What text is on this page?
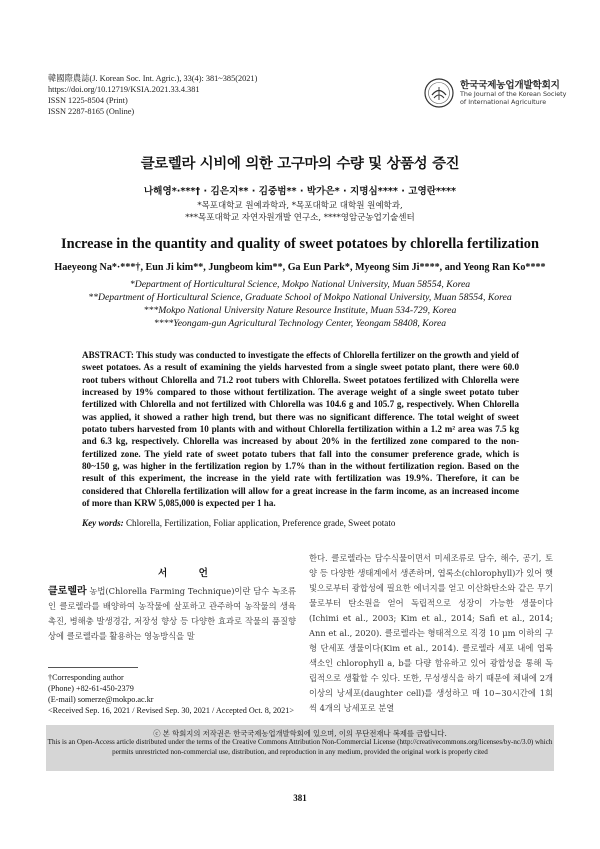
韓國際農誌(J. Korean Soc. Int. Agric.), 33(4): 381~385(2021)
https://doi.org/10.12719/KSIA.2021.33.4.381
ISSN 1225-8504 (Print)
ISSN 2287-8165 (Online)
한국국제농업개발학회지
The Journal of the Korean Society
of International Agriculture
클로렐라 시비에 의한 고구마의 수량 및 상품성 증진
나해영*·***† · 김은지** · 김중범** · 박가은* · 지명심**** · 고영란****
*목포대학교 원예과학과, *목포대학교 대학원 원예학과,
***목포대학교 자연자원개발 연구소, ****영암군농업기술센터
Increase in the quantity and quality of sweet potatoes by chlorella fertilization
Haeyeong Na*·***†, Eun Ji kim**, Jungbeom kim**, Ga Eun Park*, Myeong Sim Ji****, and Yeong Ran Ko****
*Department of Horticultural Science, Mokpo National University, Muan 58554, Korea
**Department of Horticultural Science, Graduate School of Mokpo National University, Muan 58554, Korea
***Mokpo National University Nature Resource Institute, Muan 534-729, Korea
****Yeongam-gun Agricultural Technology Center, Yeongam 58408, Korea
ABSTRACT: This study was conducted to investigate the effects of Chlorella fertilizer on the growth and yield of sweet potatoes. As a result of examining the yields harvested from a single sweet potato plant, there were 60.0 root tubers without Chlorella and 71.2 root tubers with Chlorella. Sweet potatoes fertilized with Chlorella were increased by 19% compared to those without fertilization. The average weight of a single sweet potato tuber fertilized with Chlorella and not fertilized with Chlorella was 104.6 g and 105.7 g, respectively. When Chlorella was applied, it showed a rather high trend, but there was no significant difference. The total weight of sweet potato tubers harvested from 10 plants with and without Chlorella fertilization within a 1.2 m² area was 7.5 kg and 6.3 kg, respectively. Chlorella was increased by about 20% in the fertilized zone compared to the non-fertilized zone. The yield rate of sweet potato tubers that fall into the consumer preference grade, which is 80~150 g, was higher in the fertilization region by 1.7% than in the without fertilization region. Based on the result of this experiment, the increase in the yield rate with fertilization was 19.9%. Therefore, it can be considered that Chlorella fertilization will allow for a great increase in the farm income, as an increased income of more than KRW 5,085,000 is expected per 1 ha.
Key words: Chlorella, Fertilization, Foliar application, Preference grade, Sweet potato
서 언
클로렐라 농법(Chlorella Farming Technique)이란 담수 녹조류인 클로렐라를 배양하여 농작물에 살포하고 관주하여 농작물의 생육촉진, 병해충 발생경감, 저장성 향상 등 다양한 효과로 작물의 품질향상에 클로렐라를 활용하는 영농방식을 말
한다. 클로렐라는 담수식물이면서 미세조류로 담수, 해수, 공기, 토양 등 다양한 생태계에서 생존하며, 엽록소(chlorophyll)가 있어 햇빛으로부터 광합성에 필요한 에너지를 얻고 이산화탄소와 같은 무기물로부터 탄소원을 얻어 독립적으로 성장이 가능한 생물이다(Ichimi et al., 2003; Kim et al., 2014; Safi et al., 2014; Ann et al., 2020). 클로렐라는 형태적으로 직경 10 μm 이하의 구형 단세포 생물이다(Kim et al., 2014). 클로렐라 세포 내에 엽록 색소인 chlorophyll a, b를 다량 함유하고 있어 광합성을 통해 독립적으로 생활할 수 있다. 또한, 무성생식을 하기 때문에 체내에 2개 이상의 낭세포(daughter cell)를 생성하고 매 10~30시간에 1회씩 4개의 낭세포로 분열
†Corresponding author
(Phone) +82-61-450-2379
(E-mail) somerze@mokpo.ac.kr
<Received Sep. 16, 2021 / Revised Sep. 30, 2021 / Accepted Oct. 8, 2021>
ⓒ 본 학회지의 저작권은 한국국제농업개발학회에 있으며, 이의 무단전재나 복제를 금합니다.
This is an Open-Access article distributed under the terms of the Creative Commons Attribution Non-Commercial License (http://creativecommons.org/licenses/by-nc/3.0) which
permits unrestricted non-commercial use, distribution, and reproduction in any medium, provided the original work is properly cited
381
